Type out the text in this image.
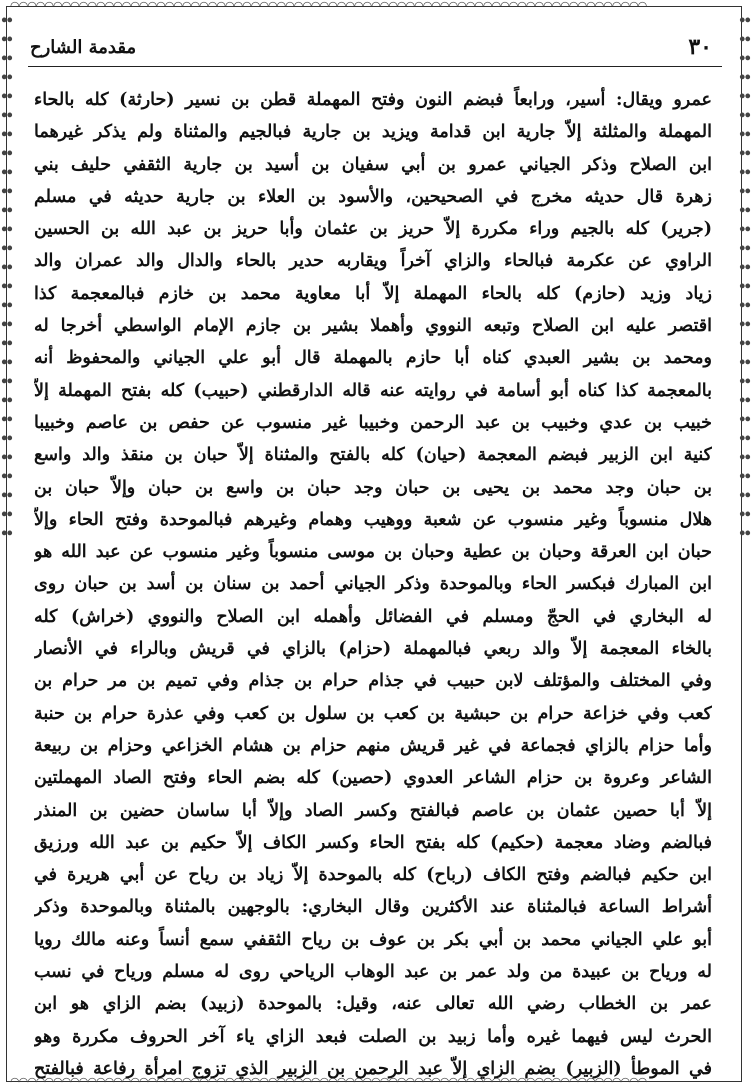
◠◠◠◠◠◠◠◠◠◠◠◠◠◠◠◠◠◠◠◠◠◠◠◠◠◠◠◠◠◠◠◠◠◠◠◠◠◠◠◠◠◠◠◠◠◠◠◠◠◠◠◠◠◠◠◠◠◠◠◠◠◠◠◠◠◠◠◠◠◠◠◠◠◠
◠◠◠◠◠◠◠◠◠◠◠◠◠◠◠◠◠◠◠◠◠◠◠◠◠◠◠◠◠◠◠◠◠◠◠◠◠◠◠◠◠◠◠◠◠◠◠◠◠◠◠◠◠◠◠◠◠◠◠◠◠◠◠◠◠◠◠◠◠◠◠◠◠◠
⦁⦁⦁⦁⦁⦁⦁⦁⦁⦁⦁⦁⦁⦁⦁⦁⦁⦁⦁⦁⦁⦁⦁⦁⦁⦁⦁⦁⦁⦁⦁⦁⦁⦁⦁⦁⦁⦁⦁⦁⦁⦁⦁⦁⦁⦁⦁⦁⦁⦁⦁⦁⦁⦁⦁⦁
⦁⦁⦁⦁⦁⦁⦁⦁⦁⦁⦁⦁⦁⦁⦁⦁⦁⦁⦁⦁⦁⦁⦁⦁⦁⦁⦁⦁⦁⦁⦁⦁⦁⦁⦁⦁⦁⦁⦁⦁⦁⦁⦁⦁⦁⦁⦁⦁⦁⦁⦁⦁⦁⦁⦁⦁
٣٠
مقدمة الشارح
عمرو ويقال: أسير، ورابعاً فبضم النون وفتح المهملة قطن بن نسير (حارثة) كله بالحاء
المهملة والمثلثة إلاّ جارية ابن قدامة ويزيد بن جارية فبالجيم والمثناة ولم يذكر غيرهما
ابن الصلاح وذكر الجياني عمرو بن أبي سفيان بن أسيد بن جارية الثقفي حليف بني
زهرة قال حديثه مخرج في الصحيحين، والأسود بن العلاء بن جارية حديثه في مسلم
(جرير) كله بالجيم وراء مكررة إلاّ حريز بن عثمان وأبا حريز بن عبد الله بن الحسين
الراوي عن عكرمة فبالحاء والزاي آخراً ويقاربه حدير بالحاء والدال والد عمران والد
زياد وزيد (حازم) كله بالحاء المهملة إلاّ أبا معاوية محمد بن خازم فبالمعجمة كذا
اقتصر عليه ابن الصلاح وتبعه النووي وأهملا بشير بن جازم الإمام الواسطي أخرجا له
ومحمد بن بشير العبدي كناه أبا حازم بالمهملة قال أبو علي الجياني والمحفوظ أنه
بالمعجمة كذا كناه أبو أسامة في روايته عنه قاله الدارقطني (حبيب) كله بفتح المهملة إلاّ
خبيب بن عدي وخبيب بن عبد الرحمن وخبيبا غير منسوب عن حفص بن عاصم وخبيبا
كنية ابن الزبير فبضم المعجمة (حيان) كله بالفتح والمثناة إلاّ حبان بن منقذ والد واسع
بن حبان وجد محمد بن يحيى بن حبان وجد حبان بن واسع بن حبان وإلاّ حبان بن
هلال منسوباً وغير منسوب عن شعبة ووهيب وهمام وغيرهم فبالموحدة وفتح الحاء وإلاّ
حبان ابن العرقة وحبان بن عطية وحبان بن موسى منسوباً وغير منسوب عن عبد الله هو
ابن المبارك فبكسر الحاء وبالموحدة وذكر الجياني أحمد بن سنان بن أسد بن حبان روى
له البخاري في الحجّ ومسلم في الفضائل وأهمله ابن الصلاح والنووي (خراش) كله
بالخاء المعجمة إلاّ والد ربعي فبالمهملة (حزام) بالزاي في قريش وبالراء في الأنصار
وفي المختلف والمؤتلف لابن حبيب في جذام حرام بن جذام وفي تميم بن مر حرام بن
كعب وفي خزاعة حرام بن حبشية بن كعب بن سلول بن كعب وفي عذرة حرام بن حنبة
وأما حزام بالزاي فجماعة في غير قريش منهم حزام بن هشام الخزاعي وحزام بن ربيعة
الشاعر وعروة بن حزام الشاعر العدوي (حصين) كله بضم الحاء وفتح الصاد المهملتين
إلاّ أبا حصين عثمان بن عاصم فبالفتح وكسر الصاد وإلاّ أبا ساسان حضين بن المنذر
فبالضم وضاد معجمة (حكيم) كله بفتح الحاء وكسر الكاف إلاّ حكيم بن عبد الله ورزيق
ابن حكيم فبالضم وفتح الكاف (رباح) كله بالموحدة إلاّ زياد بن رياح عن أبي هريرة في
أشراط الساعة فبالمثناة عند الأكثرين وقال البخاري: بالوجهين بالمثناة وبالموحدة وذكر
أبو علي الجياني محمد بن أبي بكر بن عوف بن رياح الثقفي سمع أنساً وعنه مالك رويا
له ورياح بن عبيدة من ولد عمر بن عبد الوهاب الرياحي روى له مسلم ورياح في نسب
عمر بن الخطاب رضي الله تعالى عنه، وقيل: بالموحدة (زبيد) بضم الزاي هو ابن
الحرث ليس فيهما غيره وأما زبيد بن الصلت فبعد الزاي ياء آخر الحروف مكررة وهو
في الموطأ (الزبير) بضم الزاي إلاّ عبد الرحمن بن الزبير الذي تزوج امرأة رفاعة فبالفتح
